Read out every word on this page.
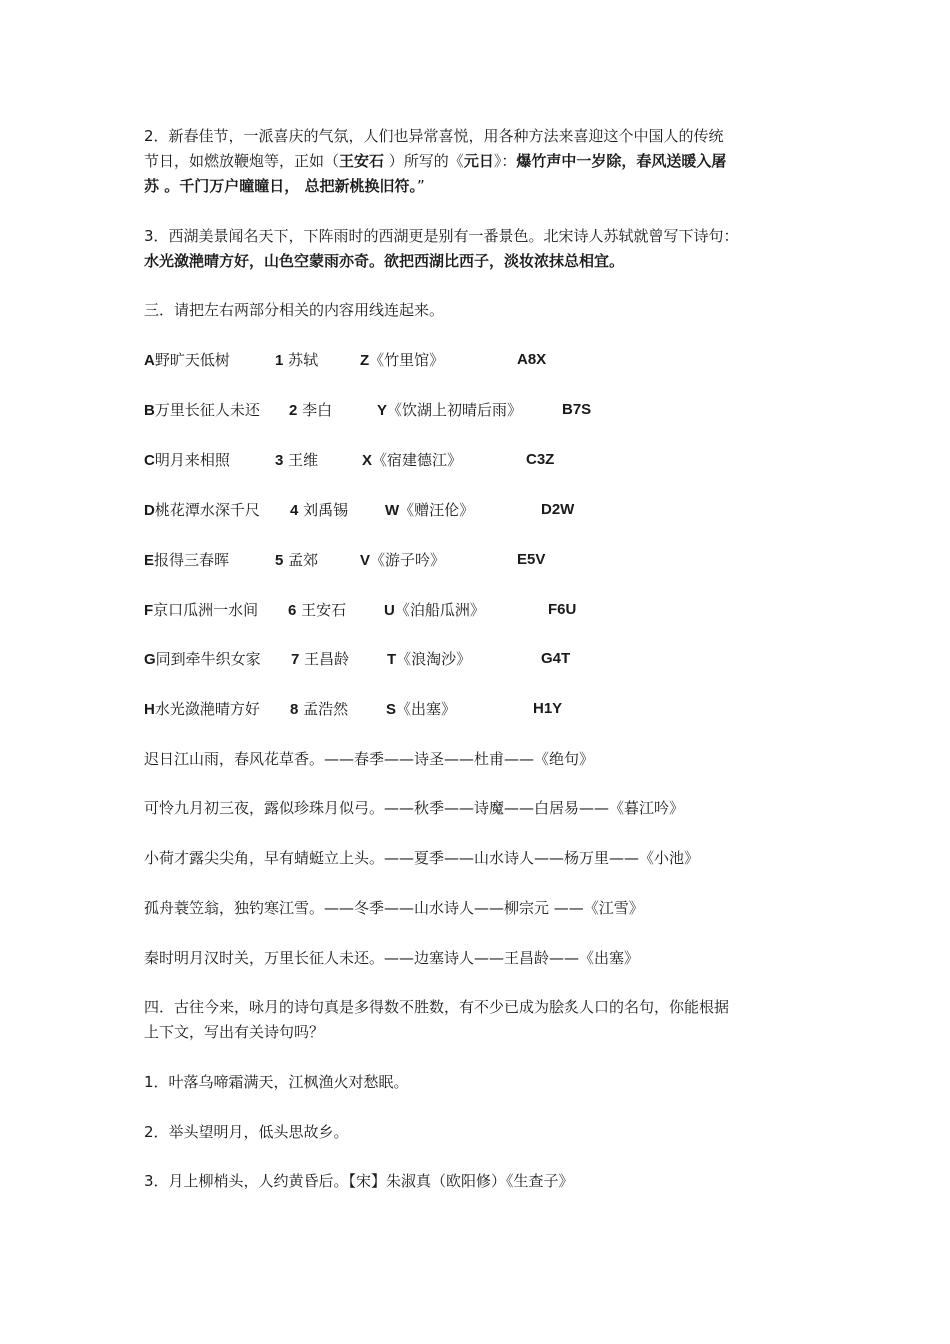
2．新春佳节，一派喜庆的气氛，人们也异常喜悦，用各种方法来喜迎这个中国人的传统
节日，如燃放鞭炮等，正如（王安石 ）所写的《元日》：爆竹声中一岁除，春风送暖入屠
苏 。千门万户曈曈日， 总把新桃换旧符。”
3．西湖美景闻名天下，下阵雨时的西湖更是别有一番景色。北宋诗人苏轼就曾写下诗句：
水光潋滟晴方好，山色空蒙雨亦奇。欲把西湖比西子，淡妆浓抹总相宜。
三．请把左右两部分相关的内容用线连起来。
A野旷天低树	1 苏轼	Z《竹里馆》	A8X
B万里长征人未还 2 李白	Y《饮湖上初晴后雨》	B7S
C明月来相照	3 王维	X《宿建德江》	C3Z
D桃花潭水深千尺 4 刘禹锡 W《赠汪伦》	D2W
E报得三春晖	5 孟郊	V《游子吟》	E5V
F京口瓜洲一水间 6 王安石	U《泊船瓜洲》	F6U
G同到牵牛织女家 7 王昌龄	T《浪淘沙》	G4T
H水光潋滟晴方好 8 孟浩然	S《出塞》	H1Y
迟日江山雨，春风花草香。——春季——诗圣——杜甫——《绝句》
可怜九月初三夜，露似珍珠月似弓。——秋季——诗魔——白居易——《暮江吟》
小荷才露尖尖角，早有蜻蜓立上头。——夏季——山水诗人——杨万里——《小池》
孤舟蓑笠翁，独钓寒江雪。——冬季——山水诗人——柳宗元 ——《江雪》
秦时明月汉时关，万里长征人未还。——边塞诗人——王昌龄——《出塞》
四．古往今来，咏月的诗句真是多得数不胜数，有不少已成为脍炙人口的名句，你能根据
上下文，写出有关诗句吗？
1．叶落乌啼霜满天，江枫渔火对愁眠。
2．举头望明月，低头思故乡。
3．月上柳梢头，人约黄昏后。【宋】朱淑真（欧阳修）《生查子》
